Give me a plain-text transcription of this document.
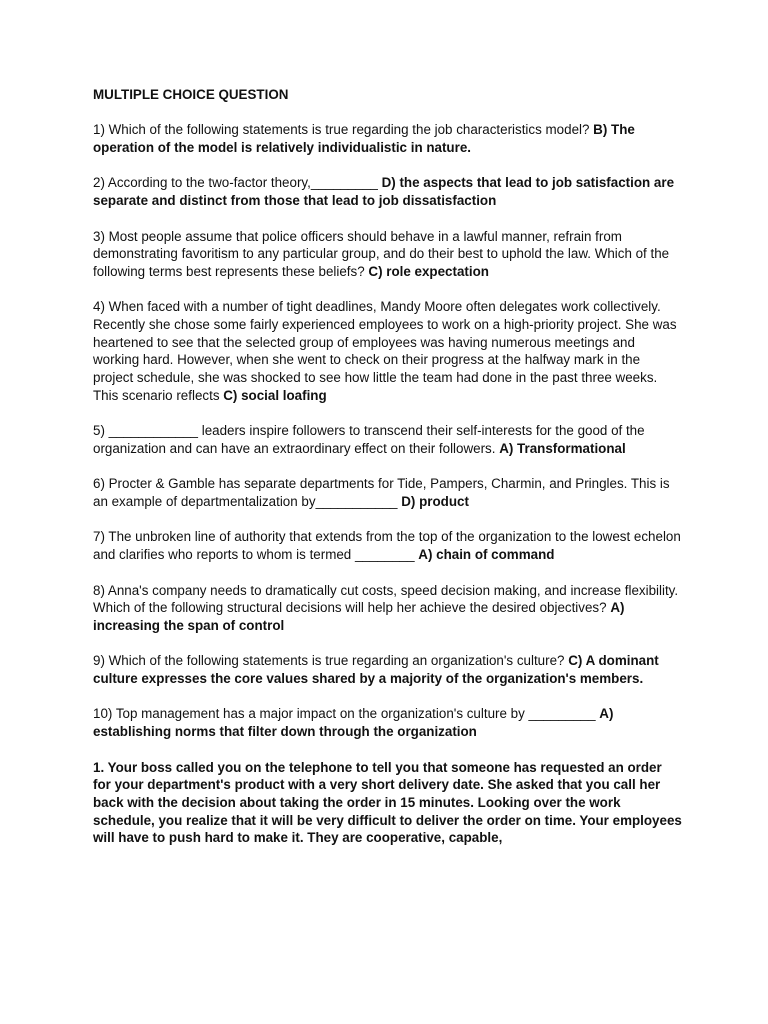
MULTIPLE CHOICE QUESTION
1) Which of the following statements is true regarding the job characteristics model? B) The operation of the model is relatively individualistic in nature.
2) According to the two-factor theory,_________ D) the aspects that lead to job satisfaction are separate and distinct from those that lead to job dissatisfaction
3) Most people assume that police officers should behave in a lawful manner, refrain from demonstrating favoritism to any particular group, and do their best to uphold the law. Which of the following terms best represents these beliefs? C) role expectation
4) When faced with a number of tight deadlines, Mandy Moore often delegates work collectively. Recently she chose some fairly experienced employees to work on a high-priority project. She was heartened to see that the selected group of employees was having numerous meetings and working hard. However, when she went to check on their progress at the halfway mark in the project schedule, she was shocked to see how little the team had done in the past three weeks. This scenario reflects C) social loafing
5) ____________ leaders inspire followers to transcend their self-interests for the good of the organization and can have an extraordinary effect on their followers. A) Transformational
6) Procter & Gamble has separate departments for Tide, Pampers, Charmin, and Pringles. This is an example of departmentalization by___________ D) product
7) The unbroken line of authority that extends from the top of the organization to the lowest echelon and clarifies who reports to whom is termed ________ A) chain of command
8) Anna's company needs to dramatically cut costs, speed decision making, and increase flexibility. Which of the following structural decisions will help her achieve the desired objectives? A) increasing the span of control
9) Which of the following statements is true regarding an organization's culture? C) A dominant culture expresses the core values shared by a majority of the organization's members.
10) Top management has a major impact on the organization's culture by _________ A) establishing norms that filter down through the organization
1. Your boss called you on the telephone to tell you that someone has requested an order for your department's product with a very short delivery date. She asked that you call her back with the decision about taking the order in 15 minutes. Looking over the work schedule, you realize that it will be very difficult to deliver the order on time. Your employees will have to push hard to make it. They are cooperative, capable,
